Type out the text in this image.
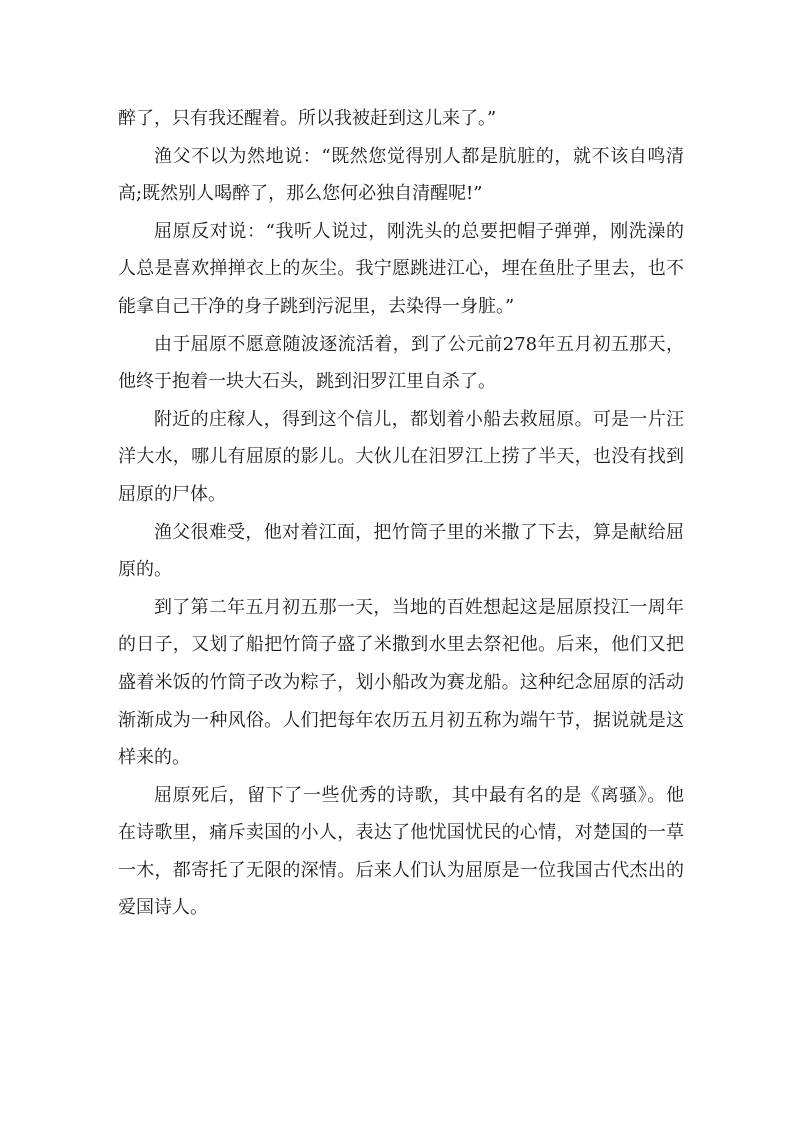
醉了，只有我还醒着。所以我被赶到这儿来了。”

渔父不以为然地说：“既然您觉得别人都是肮脏的，就不该自鸣清高;既然别人喝醉了，那么您何必独自清醒呢!”

屈原反对说：“我听人说过，刚洗头的总要把帽子弹弹，刚洗澡的人总是喜欢掸掸衣上的灰尘。我宁愿跳进江心，埋在鱼肚子里去，也不能拿自己干净的身子跳到污泥里，去染得一身脏。”

由于屈原不愿意随波逐流活着，到了公元前278年五月初五那天，他终于抱着一块大石头，跳到汨罗江里自杀了。

附近的庄稼人，得到这个信儿，都划着小船去救屈原。可是一片汪洋大水，哪儿有屈原的影儿。大伙儿在汨罗江上捞了半天，也没有找到屈原的尸体。

渔父很难受，他对着江面，把竹筒子里的米撒了下去，算是献给屈原的。

到了第二年五月初五那一天，当地的百姓想起这是屈原投江一周年的日子，又划了船把竹筒子盛了米撒到水里去祭祀他。后来，他们又把盛着米饭的竹筒子改为粽子，划小船改为赛龙船。这种纪念屈原的活动渐渐成为一种风俗。人们把每年农历五月初五称为端午节，据说就是这样来的。

屈原死后，留下了一些优秀的诗歌，其中最有名的是《离骚》。他在诗歌里，痛斥卖国的小人，表达了他忧国忧民的心情，对楚国的一草一木，都寄托了无限的深情。后来人们认为屈原是一位我国古代杰出的爱国诗人。
